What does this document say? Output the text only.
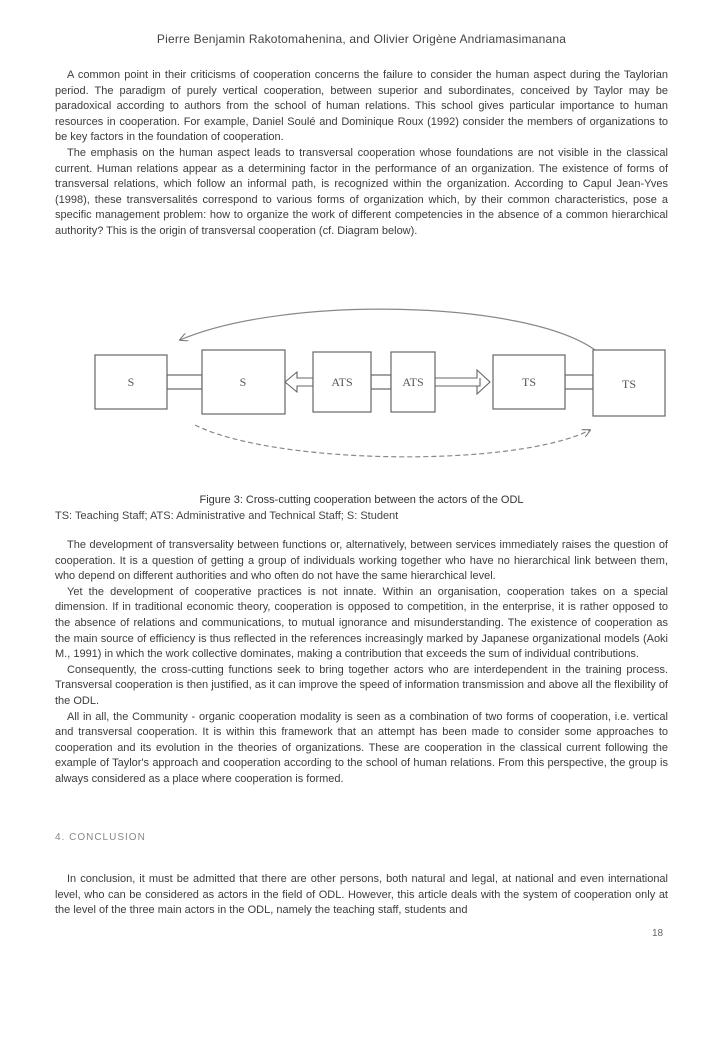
Pierre Benjamin Rakotomahenina, and Olivier Origène Andriamasimanana

A common point in their criticisms of cooperation concerns the failure to consider the human aspect during the Taylorian period. The paradigm of purely vertical cooperation, between superior and subordinates, conceived by Taylor may be paradoxical according to authors from the school of human relations. This school gives particular importance to human resources in cooperation. For example, Daniel Soulé and Dominique Roux (1992) consider the members of organizations to be key factors in the foundation of cooperation.

The emphasis on the human aspect leads to transversal cooperation whose foundations are not visible in the classical current. Human relations appear as a determining factor in the performance of an organization. The existence of forms of transversal relations, which follow an informal path, is recognized within the organization. According to Capul Jean-Yves (1998), these transversalités correspond to various forms of organization which, by their common characteristics, pose a specific management problem: how to organize the work of different competencies in the absence of a common hierarchical authority? This is the origin of transversal cooperation (cf. Diagram below).

S	S	ATS	ATS	TS	TS
Figure 3: Cross-cutting cooperation between the actors of the ODL
TS: Teaching Staff; ATS: Administrative and Technical Staff; S: Student

The development of transversality between functions or, alternatively, between services immediately raises the question of cooperation. It is a question of getting a group of individuals working together who have no hierarchical link between them, who depend on different authorities and who often do not have the same hierarchical level.

Yet the development of cooperative practices is not innate. Within an organisation, cooperation takes on a special dimension. If in traditional economic theory, cooperation is opposed to competition, in the enterprise, it is rather opposed to the absence of relations and communications, to mutual ignorance and misunderstanding. The existence of cooperation as the main source of efficiency is thus reflected in the references increasingly marked by Japanese organizational models (Aoki M., 1991) in which the work collective dominates, making a contribution that exceeds the sum of individual contributions.

Consequently, the cross-cutting functions seek to bring together actors who are interdependent in the training process. Transversal cooperation is then justified, as it can improve the speed of information transmission and above all the flexibility of the ODL.

All in all, the Community - organic cooperation modality is seen as a combination of two forms of cooperation, i.e. vertical and transversal cooperation. It is within this framework that an attempt has been made to consider some approaches to cooperation and its evolution in the theories of organizations. These are cooperation in the classical current following the example of Taylor's approach and cooperation according to the school of human relations. From this perspective, the group is always considered as a place where cooperation is formed.

4. CONCLUSION

In conclusion, it must be admitted that there are other persons, both natural and legal, at national and even international level, who can be considered as actors in the field of ODL. However, this article deals with the system of cooperation only at the level of the three main actors in the ODL, namely the teaching staff, students and

18
